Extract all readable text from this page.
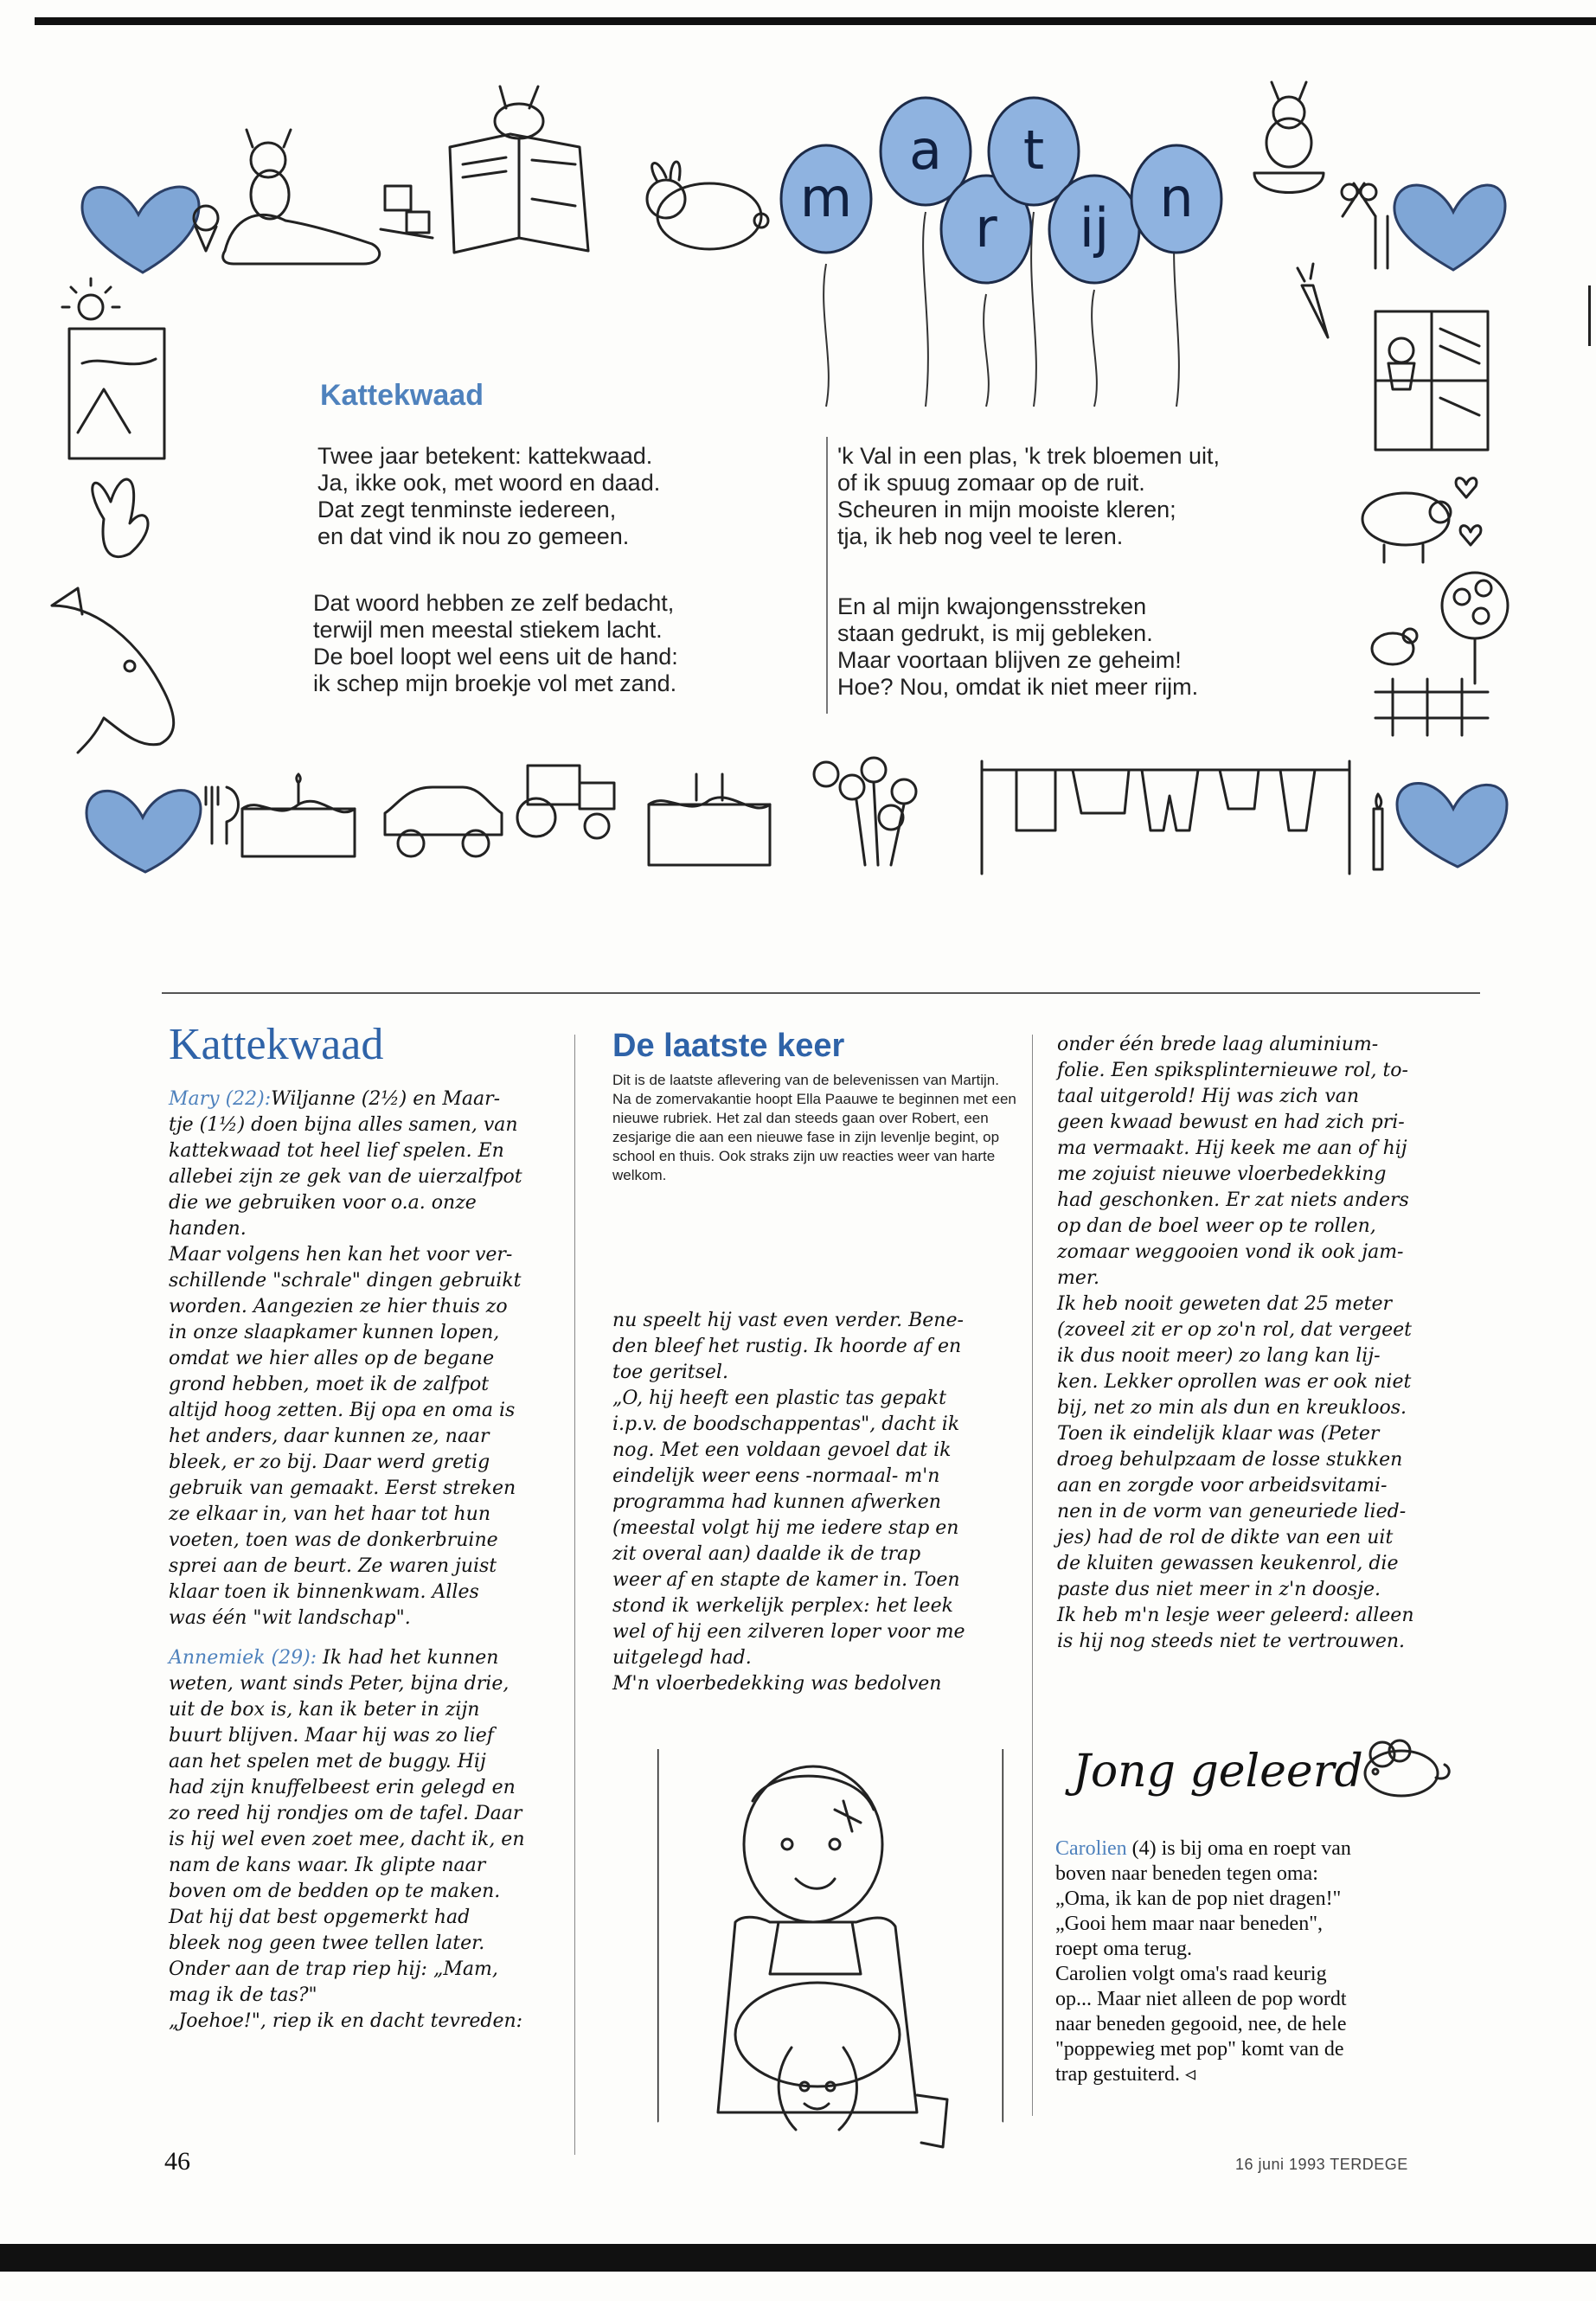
m
a
r
t
ij n
Kattekwaad
Twee jaar betekent: kattekwaad.
Ja, ikke ook, met woord en daad.
Dat zegt tenminste iedereen,
en dat vind ik nou zo gemeen.
Dat woord hebben ze zelf bedacht,
terwijl men meestal stiekem lacht.
De boel loopt wel eens uit de hand:
ik schep mijn broekje vol met zand.
'k Val in een plas, 'k trek bloemen uit,
of ik spuug zomaar op de ruit.
Scheuren in mijn mooiste kleren;
tja, ik heb nog veel te leren.
En al mijn kwajongensstreken
staan gedrukt, is mij gebleken.
Maar voortaan blijven ze geheim!
Hoe? Nou, omdat ik niet meer rijm.
Kattekwaad
Mary (22):Wiljanne (2½) en Maar-
tje (1½) doen bijna alles samen, van
kattekwaad tot heel lief spelen. En
allebei zijn ze gek van de uierzalfpot
die we gebruiken voor o.a. onze
handen.
Maar volgens hen kan het voor ver-
schillende "schrale" dingen gebruikt
worden. Aangezien ze hier thuis zo
in onze slaapkamer kunnen lopen,
omdat we hier alles op de begane
grond hebben, moet ik de zalfpot
altijd hoog zetten. Bij opa en oma is
het anders, daar kunnen ze, naar
bleek, er zo bij. Daar werd gretig
gebruik van gemaakt. Eerst streken
ze elkaar in, van het haar tot hun
voeten, toen was de donkerbruine
sprei aan de beurt. Ze waren juist
klaar toen ik binnenkwam. Alles
was één "wit landschap".
Annemiek (29): Ik had het kunnen
weten, want sinds Peter, bijna drie,
uit de box is, kan ik beter in zijn
buurt blijven. Maar hij was zo lief
aan het spelen met de buggy. Hij
had zijn knuffelbeest erin gelegd en
zo reed hij rondjes om de tafel. Daar
is hij wel even zoet mee, dacht ik, en
nam de kans waar. Ik glipte naar
boven om de bedden op te maken.
Dat hij dat best opgemerkt had
bleek nog geen twee tellen later.
Onder aan de trap riep hij: „Mam,
mag ik de tas?"
„Joehoe!", riep ik en dacht tevreden:
De laatste keer
Dit is de laatste aflevering van de belevenissen van Martijn. Na de zomervakantie hoopt Ella Paauwe te beginnen met een nieuwe rubriek. Het zal dan steeds gaan over Robert, een zesjarige die aan een nieuwe fase in zijn levenlje begint, op school en thuis. Ook straks zijn uw reacties weer van harte welkom.
nu speelt hij vast even verder. Bene-
den bleef het rustig. Ik hoorde af en
toe geritsel.
„O, hij heeft een plastic tas gepakt
i.p.v. de boodschappentas", dacht ik
nog. Met een voldaan gevoel dat ik
eindelijk weer eens -normaal- m'n
programma had kunnen afwerken
(meestal volgt hij me iedere stap en
zit overal aan) daalde ik de trap
weer af en stapte de kamer in. Toen
stond ik werkelijk perplex: het leek
wel of hij een zilveren loper voor me
uitgelegd had.
M'n vloerbedekking was bedolven
onder één brede laag aluminium-
folie. Een spiksplinternieuwe rol, to-
taal uitgerold! Hij was zich van
geen kwaad bewust en had zich pri-
ma vermaakt. Hij keek me aan of hij
me zojuist nieuwe vloerbedekking
had geschonken. Er zat niets anders
op dan de boel weer op te rollen,
zomaar weggooien vond ik ook jam-
mer.
Ik heb nooit geweten dat 25 meter
(zoveel zit er op zo'n rol, dat vergeet
ik dus nooit meer) zo lang kan lij-
ken. Lekker oprollen was er ook niet
bij, net zo min als dun en kreukloos.
Toen ik eindelijk klaar was (Peter
droeg behulpzaam de losse stukken
aan en zorgde voor arbeidsvitami-
nen in de vorm van geneuriede lied-
jes) had de rol de dikte van een uit
de kluiten gewassen keukenrol, die
paste dus niet meer in z'n doosje.
Ik heb m'n lesje weer geleerd: alleen
is hij nog steeds niet te vertrouwen.
Jong geleerd
Carolien (4) is bij oma en roept van
boven naar beneden tegen oma:
„Oma, ik kan de pop niet dragen!"
„Gooi hem maar naar beneden",
roept oma terug.
Carolien volgt oma's raad keurig
op... Maar niet alleen de pop wordt
naar beneden gegooid, nee, de hele
"poppewieg met pop" komt van de
trap gestuiterd. ◃
46	16 juni 1993 TERDEGE
